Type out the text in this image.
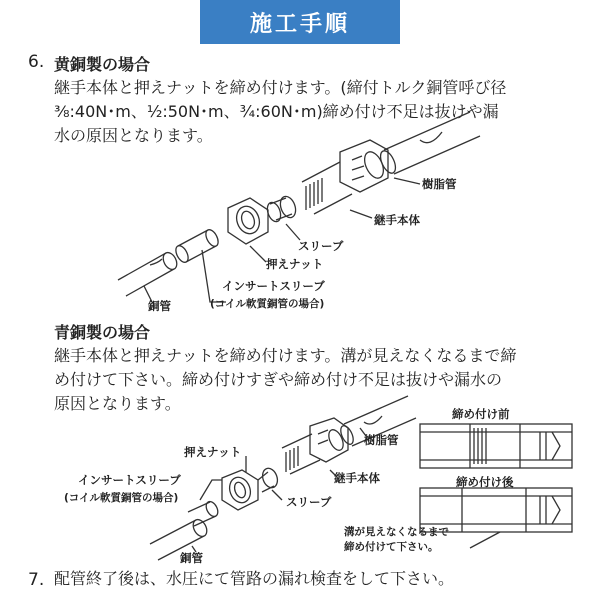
施工手順
6. 黄銅製の場合
継手本体と押えナットを締め付けます。(締付トルク銅管呼び径
⅜:40N･m、½:50N･m、¾:60N･m)締め付け不足は抜けや漏
水の原因となります。
樹脂管
継手本体
スリーブ
押えナット
インサートスリーブ
(コイル軟質銅管の場合)
銅管
青銅製の場合
継手本体と押えナットを締め付けます。溝が見えなくなるまで締
め付けて下さい。締め付けすぎや締め付け不足は抜けや漏水の
原因となります。
押えナット
樹脂管
インサートスリーブ
(コイル軟質銅管の場合)
継手本体
スリーブ
銅管
締め付け前
締め付け後
溝が見えなくなるまで
締め付けて下さい。
7. 配管終了後は、水圧にて管路の漏れ検査をして下さい。
